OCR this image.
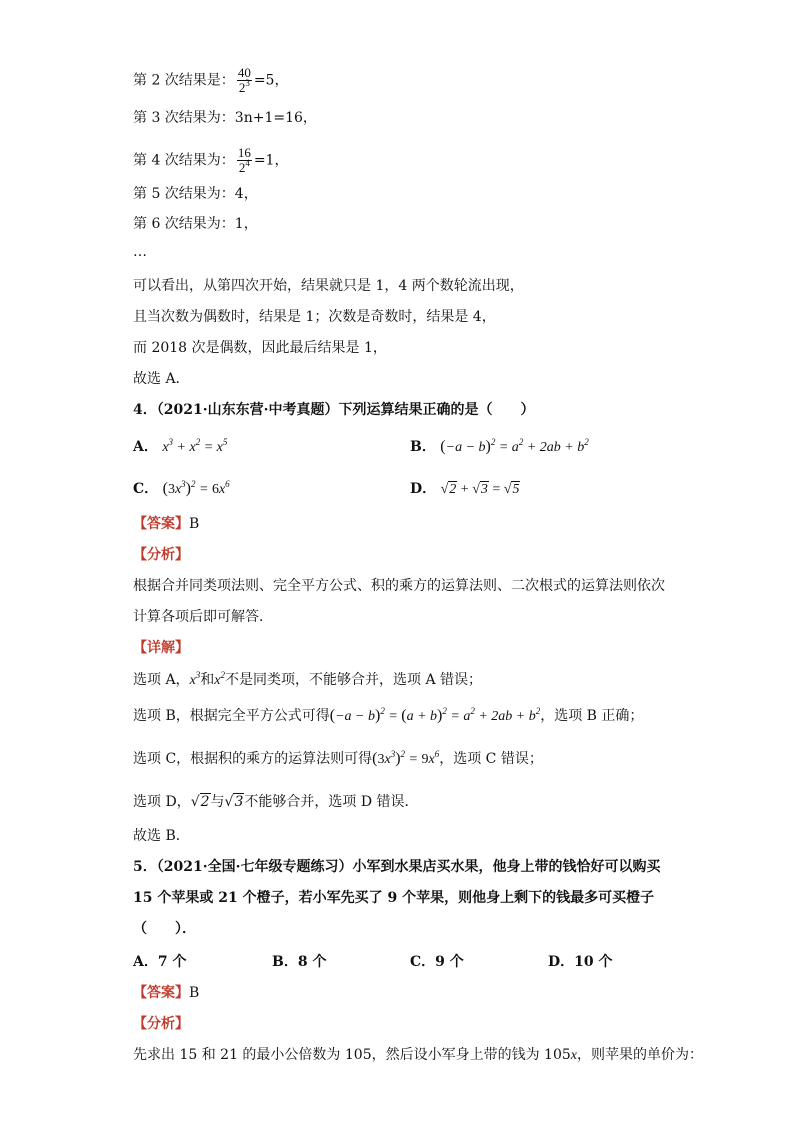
第 2 次结果是： $\frac{40}{2^3} =5$，
第 3 次结果为：3n+1=16，
第 4 次结果为： $\frac{16}{2^4} =1$，
第 5 次结果为：4，
第 6 次结果为：1，
…
可以看出，从第四次开始，结果就只是 1，4 两个数轮流出现，
且当次数为偶数时，结果是 1；次数是奇数时，结果是 4，
而 2018 次是偶数，因此最后结果是 1，
故选 A．
4．（2021·山东东营·中考真题）下列运算结果正确的是（　　）
A． $x^3 + x^2 = x^5$	B． $(-a - b)^2 = a^2 + 2ab + b^2$
C． $(3x^3)^2 = 6x^6$	D． √2 + √3 = √5
【答案】B
【分析】
根据合并同类项法则、完全平方公式、积的乘方的运算法则、二次根式的运算法则依次
计算各项后即可解答．
【详解】
选项 A，$x^3$和$x^2$不是同类项，不能够合并，选项 A 错误；
选项 B，根据完全平方公式可得$(-a - b)^2 = (a + b)^2 = a^2 + 2ab + b^2$，选项 B 正确；
选项 C，根据积的乘方的运算法则可得$(3x^3)^2 = 9x^6$，选项 C 错误；
选项 D，√2与√3不能够合并，选项 D 错误．
故选 B．
5．（2021·全国·七年级专题练习）小军到水果店买水果，他身上带的钱恰好可以购买
15 个苹果或 21 个橙子，若小军先买了 9 个苹果，则他身上剩下的钱最多可买橙子
（　　）．
A．7 个	B．8 个	C．9 个	D．10 个
【答案】B
【分析】
先求出 15 和 21 的最小公倍数为 105，然后设小军身上带的钱为 105x，则苹果的单价为：
